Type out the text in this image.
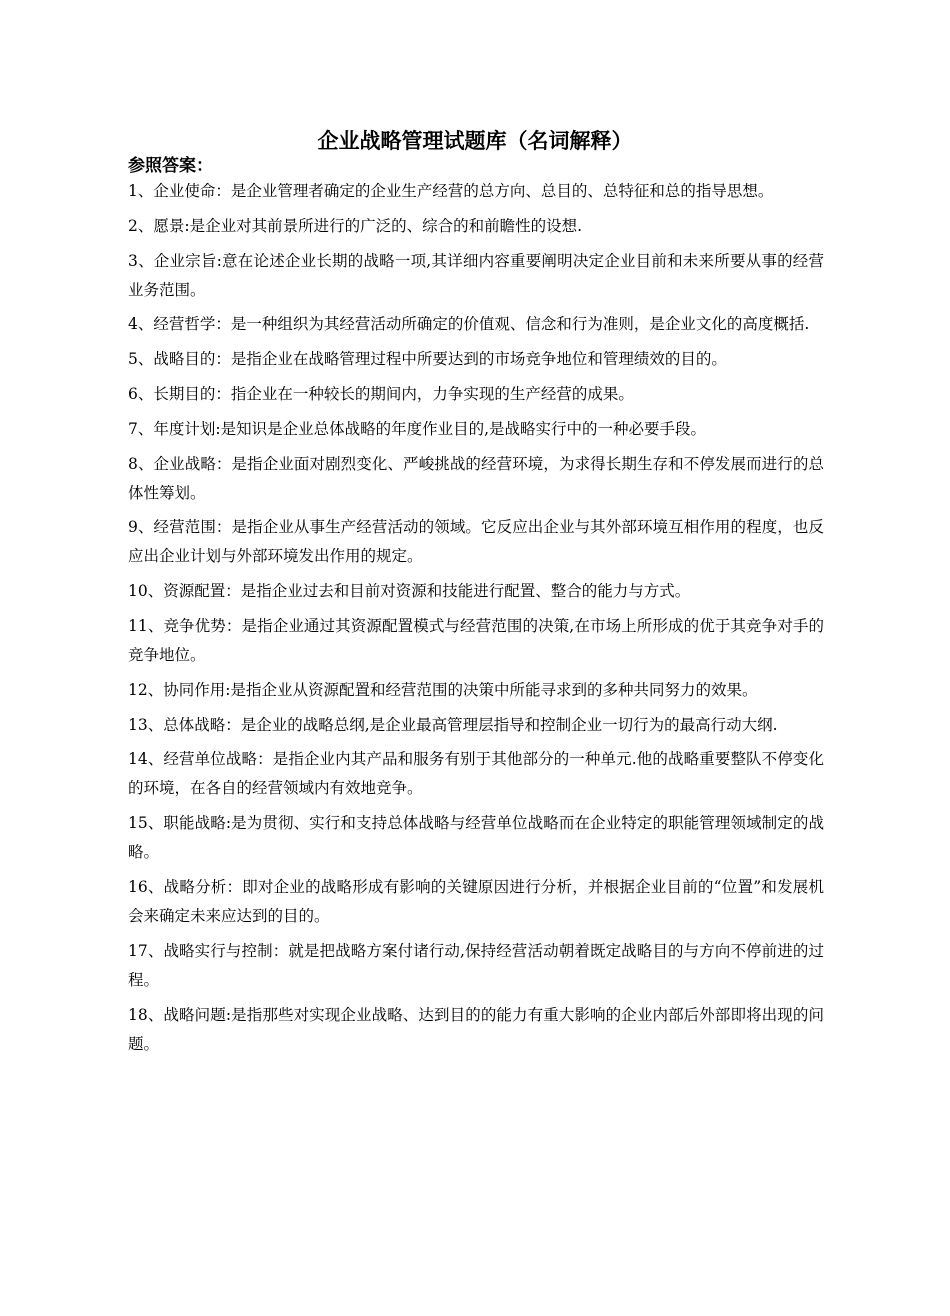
企业战略管理试题库（名词解释）
参照答案：
1、企业使命：是企业管理者确定的企业生产经营的总方向、总目的、总特征和总的指导思想。
2、愿景:是企业对其前景所进行的广泛的、综合的和前瞻性的设想.
3、企业宗旨:意在论述企业长期的战略一项,其详细内容重要阐明决定企业目前和未来所要从事的经营业务范围。
4、经营哲学：是一种组织为其经营活动所确定的价值观、信念和行为准则，是企业文化的高度概括.
5、战略目的：是指企业在战略管理过程中所要达到的市场竞争地位和管理绩效的目的。
6、长期目的：指企业在一种较长的期间内，力争实现的生产经营的成果。
7、年度计划:是知识是企业总体战略的年度作业目的,是战略实行中的一种必要手段。
8、企业战略：是指企业面对剧烈变化、严峻挑战的经营环境，为求得长期生存和不停发展而进行的总体性筹划。
9、经营范围：是指企业从事生产经营活动的领域。它反应出企业与其外部环境互相作用的程度，也反应出企业计划与外部环境发出作用的规定。
10、资源配置：是指企业过去和目前对资源和技能进行配置、整合的能力与方式。
11、竞争优势：是指企业通过其资源配置模式与经营范围的决策,在市场上所形成的优于其竞争对手的竞争地位。
12、协同作用:是指企业从资源配置和经营范围的决策中所能寻求到的多种共同努力的效果。
13、总体战略：是企业的战略总纲,是企业最高管理层指导和控制企业一切行为的最高行动大纲.
14、经营单位战略：是指企业内其产品和服务有别于其他部分的一种单元.他的战略重要整队不停变化的环境，在各自的经营领域内有效地竞争。
15、职能战略:是为贯彻、实行和支持总体战略与经营单位战略而在企业特定的职能管理领域制定的战略。
16、战略分析：即对企业的战略形成有影响的关键原因进行分析，并根据企业目前的“位置”和发展机会来确定未来应达到的目的。
17、战略实行与控制：就是把战略方案付诸行动,保持经营活动朝着既定战略目的与方向不停前进的过程。
18、战略问题:是指那些对实现企业战略、达到目的的能力有重大影响的企业内部后外部即将出现的问题。
